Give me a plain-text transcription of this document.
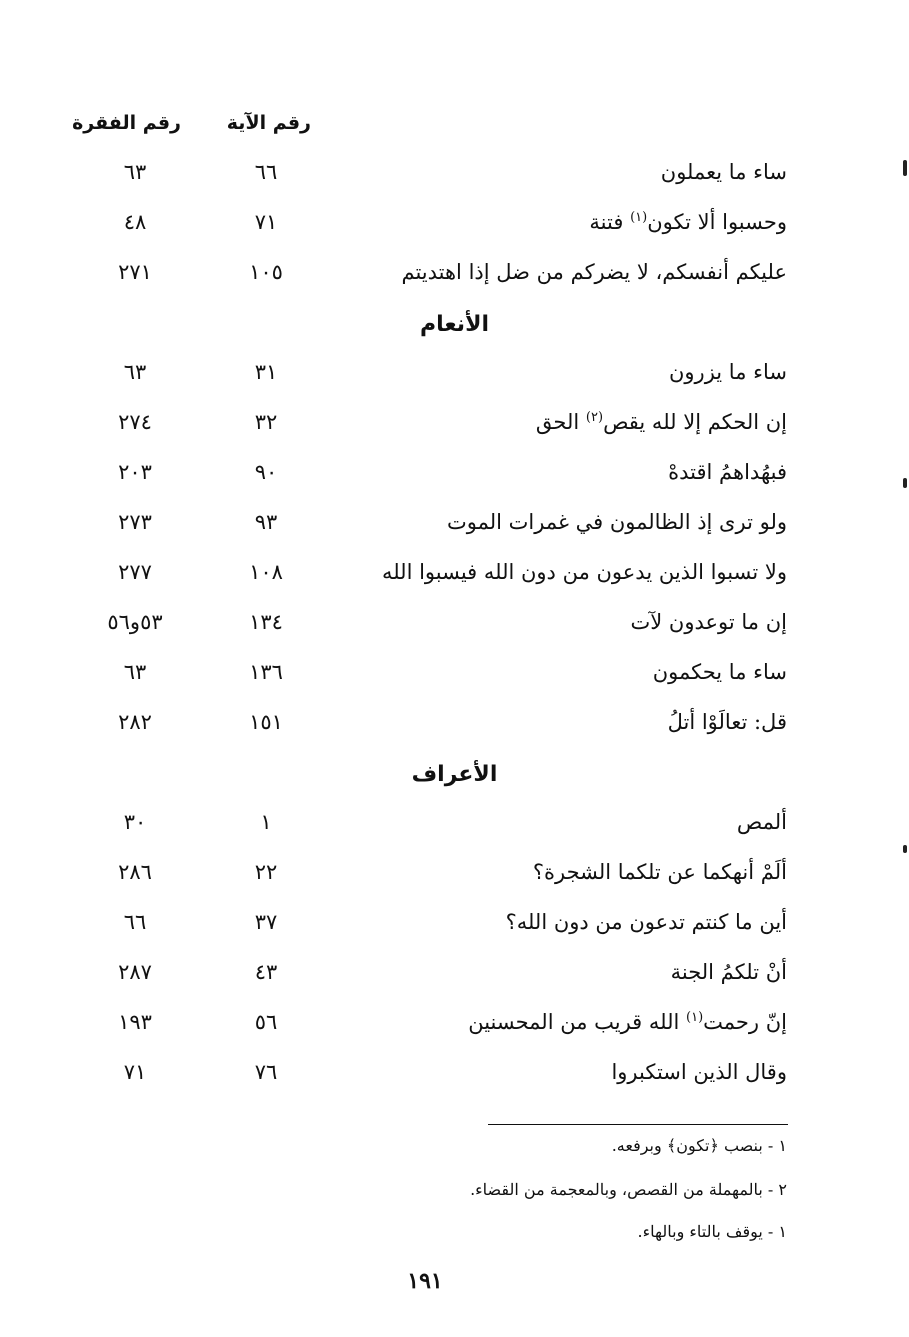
رقم الآية
رقم الفقرة
ساء ما يعملون
٦٦
٦٣
وحسبوا ألا تكون$^{(١)}$ فتنة
٧١
٤٨
عليكم أنفسكم، لا يضركم من ضل إذا اهتديتم
١٠٥
٢٧١
الأنعام
ساء ما يزرون
٣١
٦٣
إن الحكم إلا لله يقص$^{(٢)}$ الحق
٣٢
٢٧٤
فبهُداهمُ اقتدهْ
٩٠
٢٠٣
ولو ترى إذ الظالمون في غمرات الموت
٩٣
٢٧٣
ولا تسبوا الذين يدعون من دون الله فيسبوا الله
١٠٨
٢٧٧
إن ما توعدون لآت
١٣٤
٥٣و٥٦
ساء ما يحكمون
١٣٦
٦٣
قل: تعالَوْا أتلُ
١٥١
٢٨٢
الأعراف
ألمص
١
٣٠
ألَمْ أنهكما عن تلكما الشجرة؟
٢٢
٢٨٦
أين ما كنتم تدعون من دون الله؟
٣٧
٦٦
أنْ تلكمُ الجنة
٤٣
٢٨٧
إنّ رحمت$^{(١)}$ الله قريب من المحسنين
٥٦
١٩٣
وقال الذين استكبروا
٧٦
٧١
١ - بنصب ﴿تكون﴾ وبرفعه.
٢ - بالمهملة من القصص، وبالمعجمة من القضاء.
١ - يوقف بالتاء وبالهاء.
١٩١
